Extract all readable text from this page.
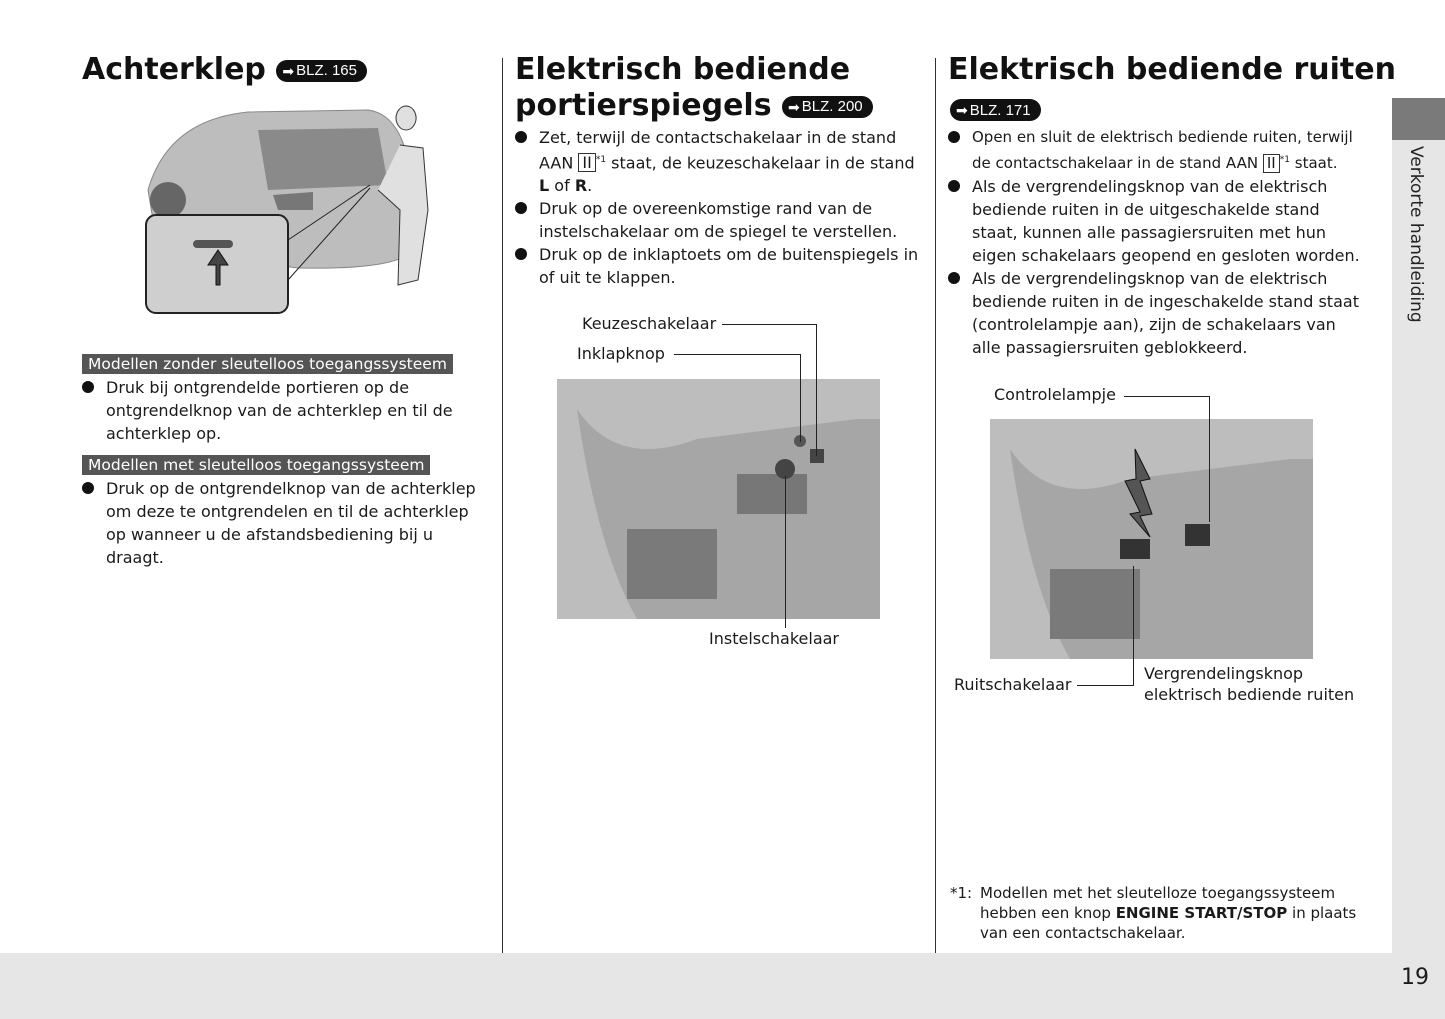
Achterklep ➡ BLZ. 165
Modellen zonder sleutelloos toegangssysteem
Druk bij ontgrendelde portieren op de ontgrendelknop van de achterklep en til de achterklep op.
Modellen met sleutelloos toegangssysteem
Druk op de ontgrendelknop van de achterklep om deze te ontgrendelen en til de achterklep op wanneer u de afstandsbediening bij u draagt.
Elektrisch bediende
portierspiegels ➡ BLZ. 200
Zet, terwijl de contactschakelaar in de stand AAN II $^{*1}$ staat, de keuzeschakelaar in de stand L of R.
Druk op de overeenkomstige rand van de instelschakelaar om de spiegel te verstellen.
Druk op de inklaptoets om de buitenspiegels in of uit te klappen.
Keuzeschakelaar
Inklapknop
Instelschakelaar
Elektrisch bediende ruiten
➡ BLZ. 171
Open en sluit de elektrisch bediende ruiten, terwijl de contactschakelaar in de stand AAN II $^{*1}$ staat.
Als de vergrendelingsknop van de elektrisch bediende ruiten in de uitgeschakelde stand staat, kunnen alle passagiersruiten met hun eigen schakelaars geopend en gesloten worden.
Als de vergrendelingsknop van de elektrisch bediende ruiten in de ingeschakelde stand staat (controlelampje aan), zijn de schakelaars van alle passagiersruiten geblokkeerd.
Controlelampje
Ruitschakelaar
Vergrendelingsknop
elektrisch bediende ruiten
*1: Modellen met het sleutelloze toegangssysteem hebben een knop ENGINE START/STOP in plaats van een contactschakelaar.
Verkorte handleiding
19
